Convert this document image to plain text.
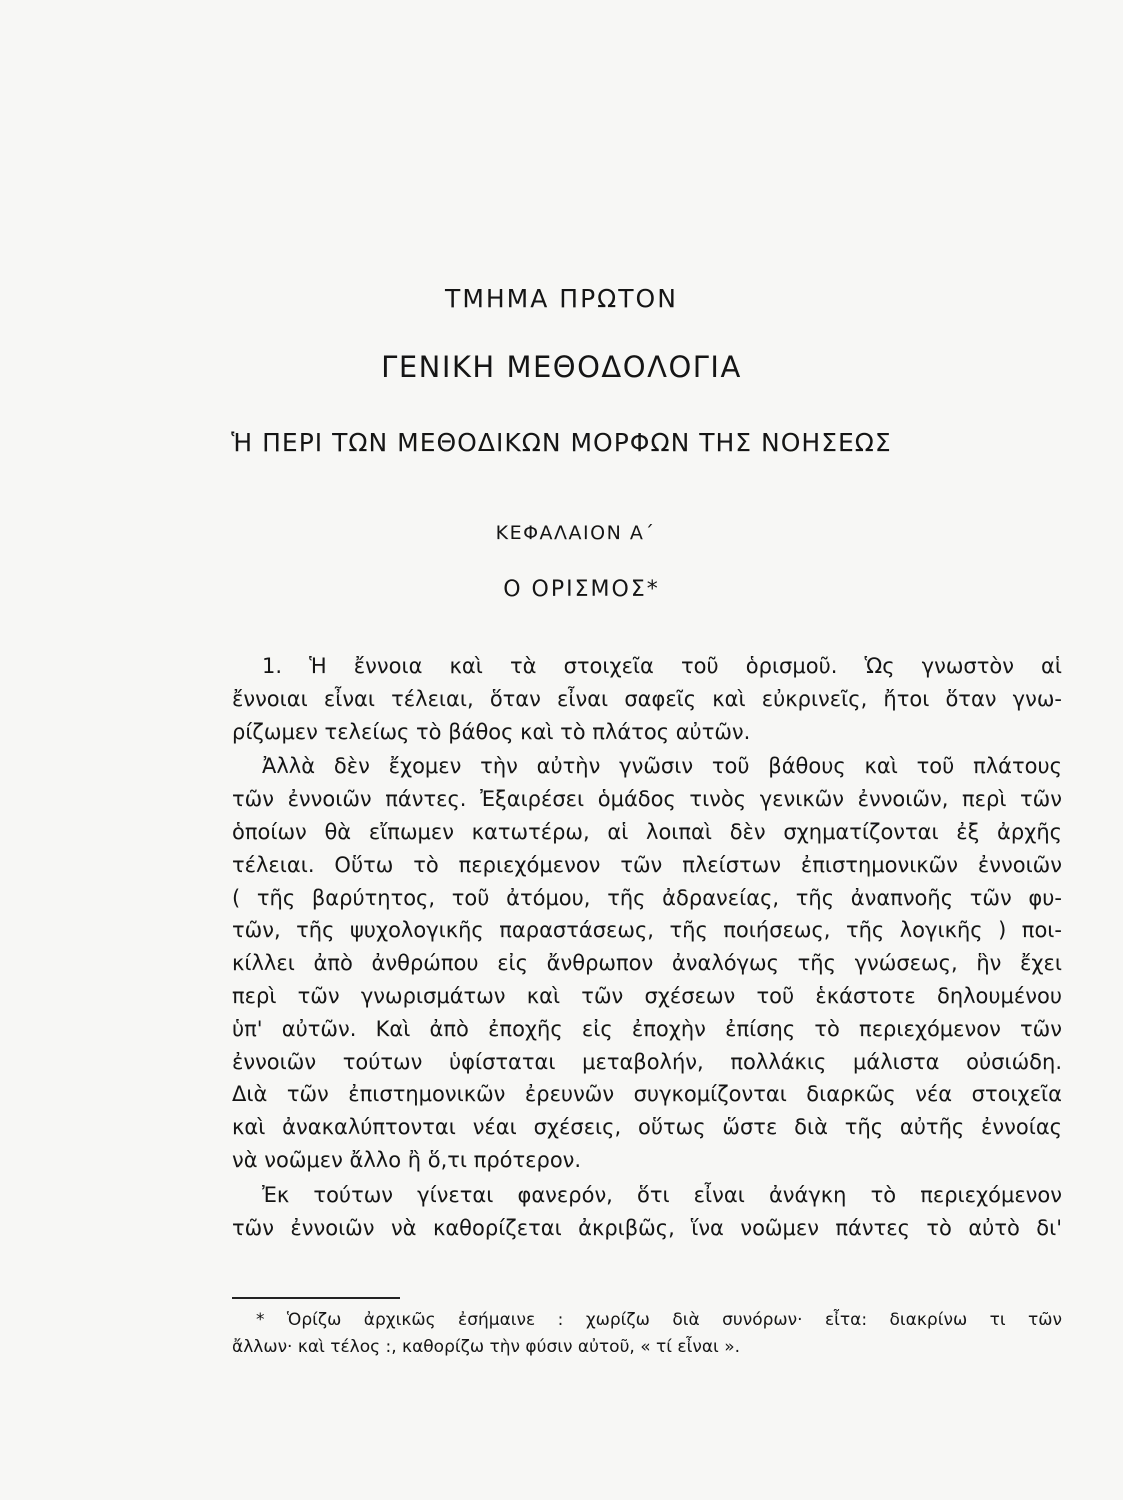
ΤΜΗΜΑ ΠΡΩΤΟΝ
ΓΕΝΙΚΗ ΜΕΘΟΔΟΛΟΓΙΑ
Ἡ ΠΕΡΙ ΤΩΝ ΜΕΘΟΔΙΚΩΝ ΜΟΡΦΩΝ ΤΗΣ ΝΟΗΣΕΩΣ
ΚΕΦΑΛΑΙΟΝ Α΄
Ο ΟΡΙΣΜΟΣ*
1. Ἡ ἔννοια καὶ τὰ στοιχεῖα τοῦ ὁρισμοῦ. Ὡς γνωστὸν αἱ
ἔννοιαι εἶναι τέλειαι, ὅταν εἶναι σαφεῖς καὶ εὐκρινεῖς, ἤτοι ὅταν γνω-
ρίζωμεν τελείως τὸ βάθος καὶ τὸ πλάτος αὐτῶν.
Ἀλλὰ δὲν ἔχομεν τὴν αὐτὴν γνῶσιν τοῦ βάθους καὶ τοῦ πλάτους
τῶν ἐννοιῶν πάντες. Ἐξαιρέσει ὁμάδος τινὸς γενικῶν ἐννοιῶν, περὶ τῶν
ὁποίων θὰ εἴπωμεν κατωτέρω, αἱ λοιπαὶ δὲν σχηματίζονται ἐξ ἀρχῆς
τέλειαι. Οὕτω τὸ περιεχόμενον τῶν πλείστων ἐπιστημονικῶν ἐννοιῶν
( τῆς βαρύτητος, τοῦ ἀτόμου, τῆς ἀδρανείας, τῆς ἀναπνοῆς τῶν φυ-
τῶν, τῆς ψυχολογικῆς παραστάσεως, τῆς ποιήσεως, τῆς λογικῆς ) ποι-
κίλλει ἀπὸ ἀνθρώπου εἰς ἄνθρωπον ἀναλόγως τῆς γνώσεως, ἣν ἔχει
περὶ τῶν γνωρισμάτων καὶ τῶν σχέσεων τοῦ ἑκάστοτε δηλουμένου
ὑπ' αὐτῶν. Καὶ ἀπὸ ἐποχῆς εἰς ἐποχὴν ἐπίσης τὸ περιεχόμενον τῶν
ἐννοιῶν τούτων ὑφίσταται μεταβολήν, πολλάκις μάλιστα οὐσιώδη.
Διὰ τῶν ἐπιστημονικῶν ἐρευνῶν συγκομίζονται διαρκῶς νέα στοιχεῖα
καὶ ἀνακαλύπτονται νέαι σχέσεις, οὕτως ὥστε διὰ τῆς αὐτῆς ἐννοίας
νὰ νοῶμεν ἄλλο ἢ ὅ,τι πρότερον.
Ἐκ τούτων γίνεται φανερόν, ὅτι εἶναι ἀνάγκη τὸ περιεχόμενον
τῶν ἐννοιῶν νὰ καθορίζεται ἀκριβῶς, ἵνα νοῶμεν πάντες τὸ αὐτὸ δι'
* Ὁρίζω ἀρχικῶς ἐσήμαινε : χωρίζω διὰ συνόρων· εἶτα: διακρίνω τι τῶν
ἄλλων· καὶ τέλος :, καθορίζω τὴν φύσιν αὐτοῦ, « τί εἶναι ».
